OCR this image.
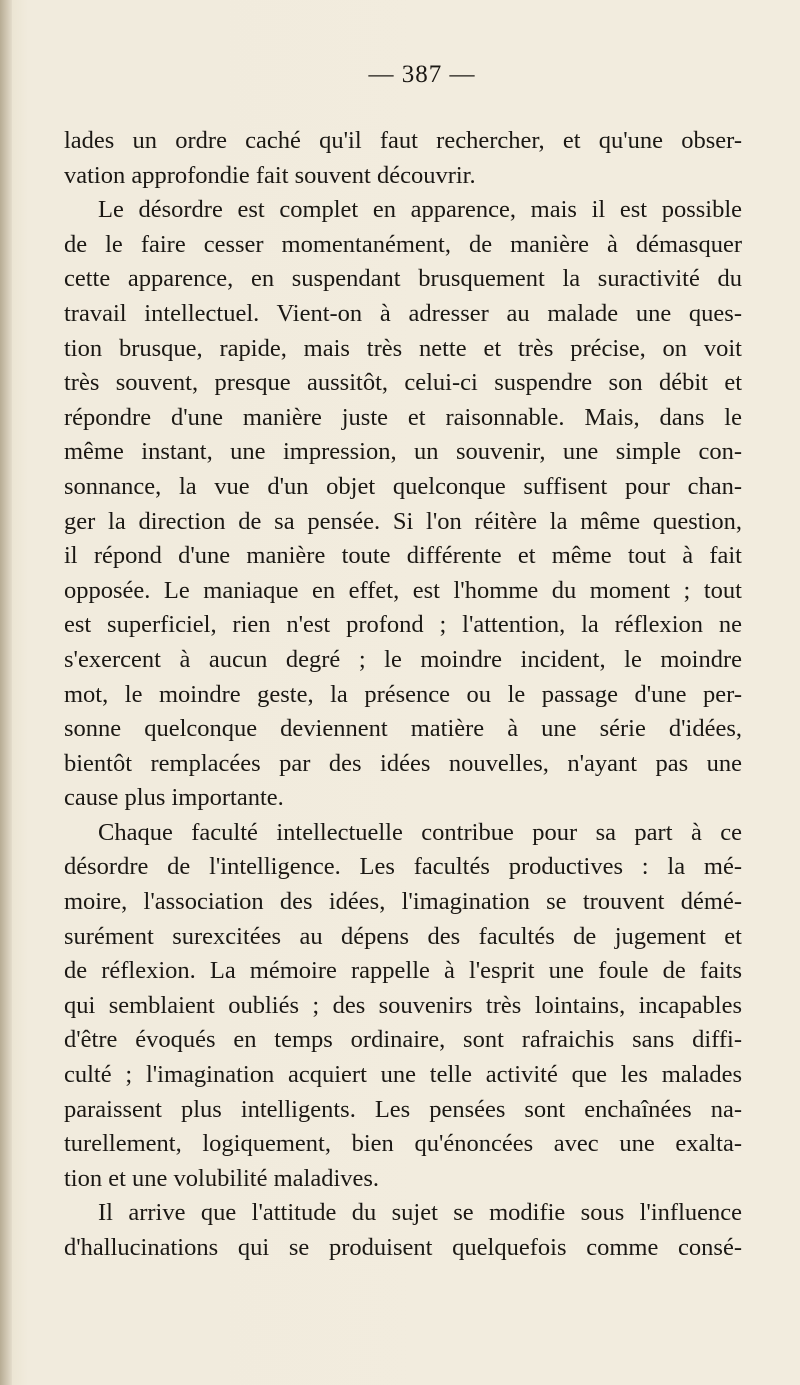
— 387 —
lades un ordre caché qu'il faut rechercher, et qu'une obser-
vation approfondie fait souvent découvrir.
Le désordre est complet en apparence, mais il est possible
de le faire cesser momentanément, de manière à démasquer
cette apparence, en suspendant brusquement la suractivité du
travail intellectuel. Vient-on à adresser au malade une ques-
tion brusque, rapide, mais très nette et très précise, on voit
très souvent, presque aussitôt, celui-ci suspendre son débit et
répondre d'une manière juste et raisonnable. Mais, dans le
même instant, une impression, un souvenir, une simple con-
sonnance, la vue d'un objet quelconque suffisent pour chan-
ger la direction de sa pensée. Si l'on réitère la même question,
il répond d'une manière toute différente et même tout à fait
opposée. Le maniaque en effet, est l'homme du moment ; tout
est superficiel, rien n'est profond ; l'attention, la réflexion ne
s'exercent à aucun degré ; le moindre incident, le moindre
mot, le moindre geste, la présence ou le passage d'une per-
sonne quelconque deviennent matière à une série d'idées,
bientôt remplacées par des idées nouvelles, n'ayant pas une
cause plus importante.
Chaque faculté intellectuelle contribue pour sa part à ce
désordre de l'intelligence. Les facultés productives : la mé-
moire, l'association des idées, l'imagination se trouvent démé-
surément surexcitées au dépens des facultés de jugement et
de réflexion. La mémoire rappelle à l'esprit une foule de faits
qui semblaient oubliés ; des souvenirs très lointains, incapables
d'être évoqués en temps ordinaire, sont rafraichis sans diffi-
culté ; l'imagination acquiert une telle activité que les malades
paraissent plus intelligents. Les pensées sont enchaînées na-
turellement, logiquement, bien qu'énoncées avec une exalta-
tion et une volubilité maladives.
Il arrive que l'attitude du sujet se modifie sous l'influence
d'hallucinations qui se produisent quelquefois comme consé-
